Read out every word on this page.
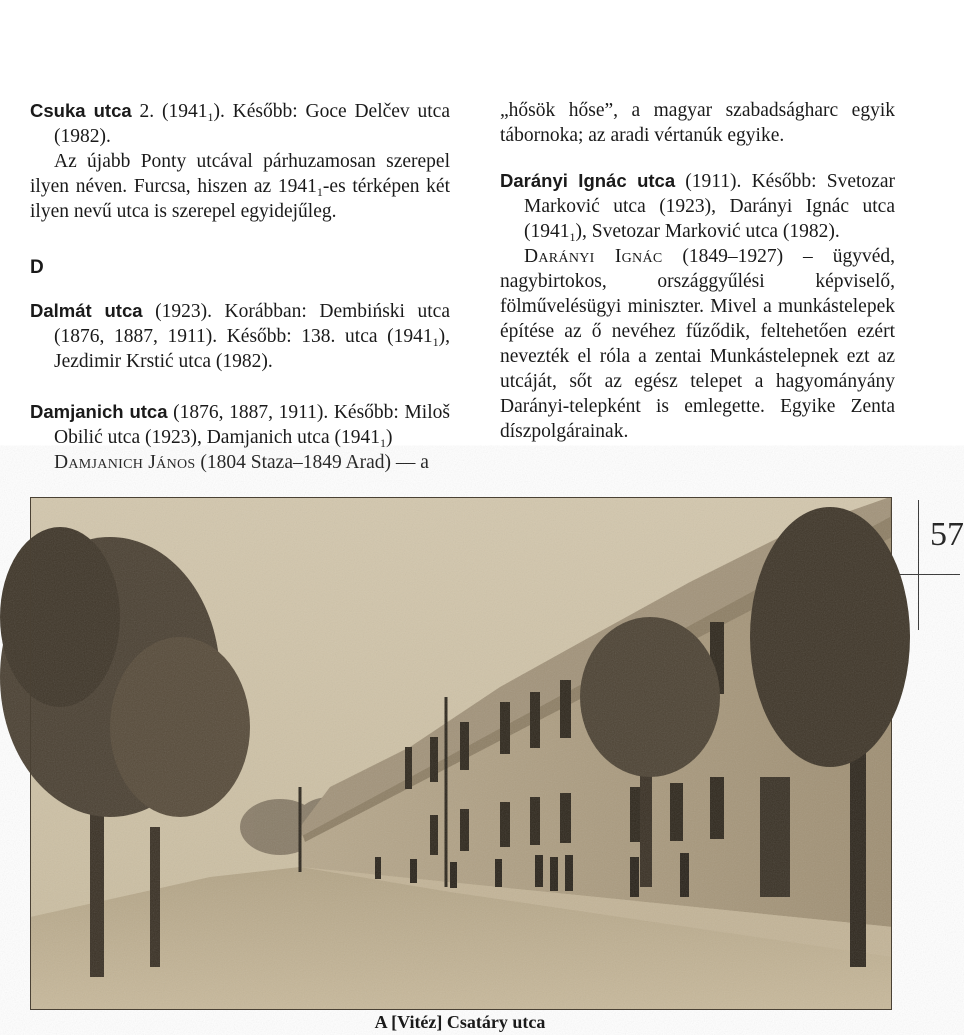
Csuka utca 2. $(1941_1)$. Később: Goce Delčev utca (1982).

Az újabb Ponty utcával párhuzamosan szerepel ilyen néven. Furcsa, hiszen az $1941_1-es$ térképen két ilyen nevű utca is szerepel egyidejűleg.

D

Dalmát utca (1923). Korábban: Dembiński utca (1876, 1887, 1911). Később: 138. utca $(1941_1)$, Jezdimir Krstić utca (1982).

Damjanich utca (1876, 1887, 1911). Később: Miloš Obilić utca (1923), Damjanich utca $(1941_1)$

Damjanich János (1804 Staza–1849 Arad) — a

„hősök hőse”, a magyar szabadságharc egyik tábornoka; az aradi vértanúk egyike.

Darányi Ignác utca (1911). Később: Svetozar Marković utca (1923), Darányi Ignác utca $(1941_1)$, Svetozar Marković utca (1982).

Darányi Ignác (1849–1927) – ügyvéd, nagybirtokos, országgyűlési képviselő, fölművelésügyi miniszter. Mivel a munkástelepek építése az ő nevéhez fűződik, feltehetően ezért nevezték el róla a zentai Munkástelepnek ezt az utcáját, sőt az egész telepet a hagyományány Darányi-telepként is emlegette. Egyike Zenta díszpolgárainak.

57
A [Vitéz] Csatáry utca
